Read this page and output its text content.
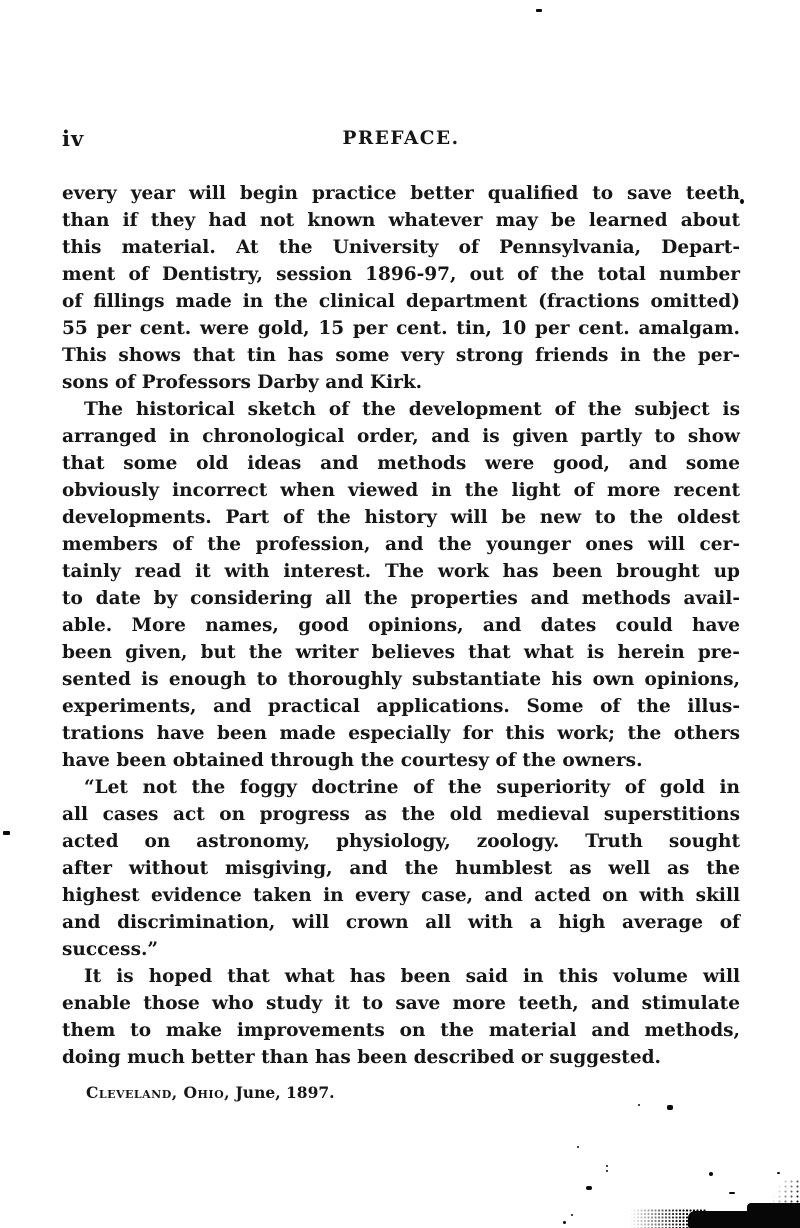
iv	PREFACE.
every year will begin practice better qualified to save teeth
than if they had not known whatever may be learned about
this material. At the University of Pennsylvania, Depart-
ment of Dentistry, session 1896-97, out of the total number
of fillings made in the clinical department (fractions omitted)
55 per cent. were gold, 15 per cent. tin, 10 per cent. amalgam.
This shows that tin has some very strong friends in the per-
sons of Professors Darby and Kirk.
The historical sketch of the development of the subject is
arranged in chronological order, and is given partly to show
that some old ideas and methods were good, and some
obviously incorrect when viewed in the light of more recent
developments. Part of the history will be new to the oldest
members of the profession, and the younger ones will cer-
tainly read it with interest. The work has been brought up
to date by considering all the properties and methods avail-
able. More names, good opinions, and dates could have
been given, but the writer believes that what is herein pre-
sented is enough to thoroughly substantiate his own opinions,
experiments, and practical applications. Some of the illus-
trations have been made especially for this work; the others
have been obtained through the courtesy of the owners.
“Let not the foggy doctrine of the superiority of gold in
all cases act on progress as the old medieval superstitions
acted on astronomy, physiology, zoology. Truth sought
after without misgiving, and the humblest as well as the
highest evidence taken in every case, and acted on with skill
and discrimination, will crown all with a high average of
success.”
It is hoped that what has been said in this volume will
enable those who study it to save more teeth, and stimulate
them to make improvements on the material and methods,
doing much better than has been described or suggested.
Cleveland, Ohio, June, 1897.
